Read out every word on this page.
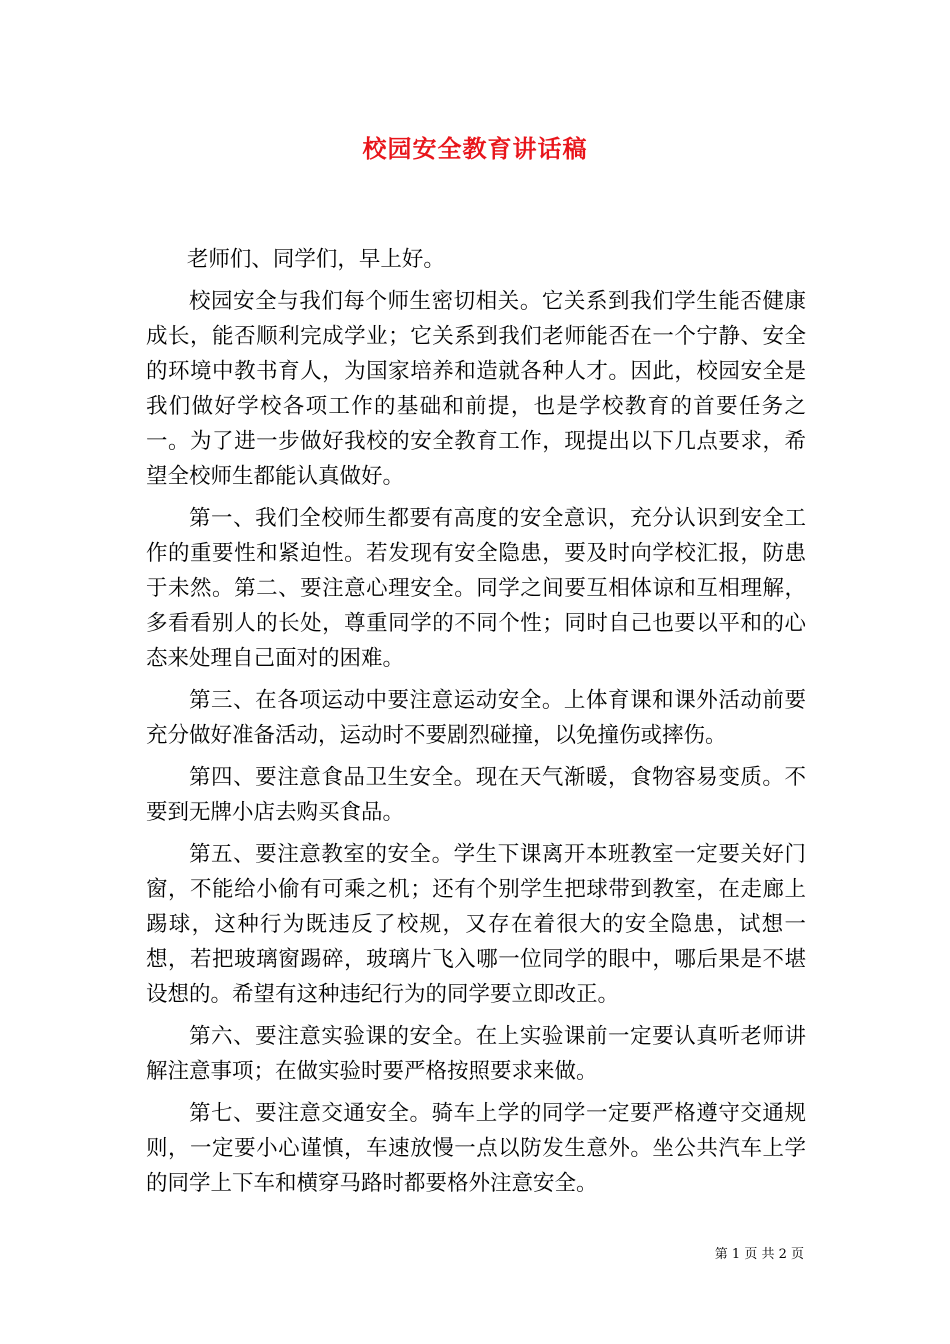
校园安全教育讲话稿

老师们、同学们，早上好。

校园安全与我们每个师生密切相关。它关系到我们学生能否健康成长，能否顺利完成学业；它关系到我们老师能否在一个宁静、安全的环境中教书育人，为国家培养和造就各种人才。因此，校园安全是我们做好学校各项工作的基础和前提，也是学校教育的首要任务之一。为了进一步做好我校的安全教育工作，现提出以下几点要求，希望全校师生都能认真做好。

第一、我们全校师生都要有高度的安全意识，充分认识到安全工作的重要性和紧迫性。若发现有安全隐患，要及时向学校汇报，防患于未然。第二、要注意心理安全。同学之间要互相体谅和互相理解，多看看别人的长处，尊重同学的不同个性；同时自己也要以平和的心态来处理自己面对的困难。

第三、在各项运动中要注意运动安全。上体育课和课外活动前要充分做好准备活动，运动时不要剧烈碰撞，以免撞伤或摔伤。

第四、要注意食品卫生安全。现在天气渐暖，食物容易变质。不要到无牌小店去购买食品。

第五、要注意教室的安全。学生下课离开本班教室一定要关好门窗，不能给小偷有可乘之机；还有个别学生把球带到教室，在走廊上踢球，这种行为既违反了校规，又存在着很大的安全隐患，试想一想，若把玻璃窗踢碎，玻璃片飞入哪一位同学的眼中，哪后果是不堪设想的。希望有这种违纪行为的同学要立即改正。

第六、要注意实验课的安全。在上实验课前一定要认真听老师讲解注意事项；在做实验时要严格按照要求来做。

第七、要注意交通安全。骑车上学的同学一定要严格遵守交通规则，一定要小心谨慎，车速放慢一点以防发生意外。坐公共汽车上学的同学上下车和横穿马路时都要格外注意安全。

第 1 页 共 2 页
